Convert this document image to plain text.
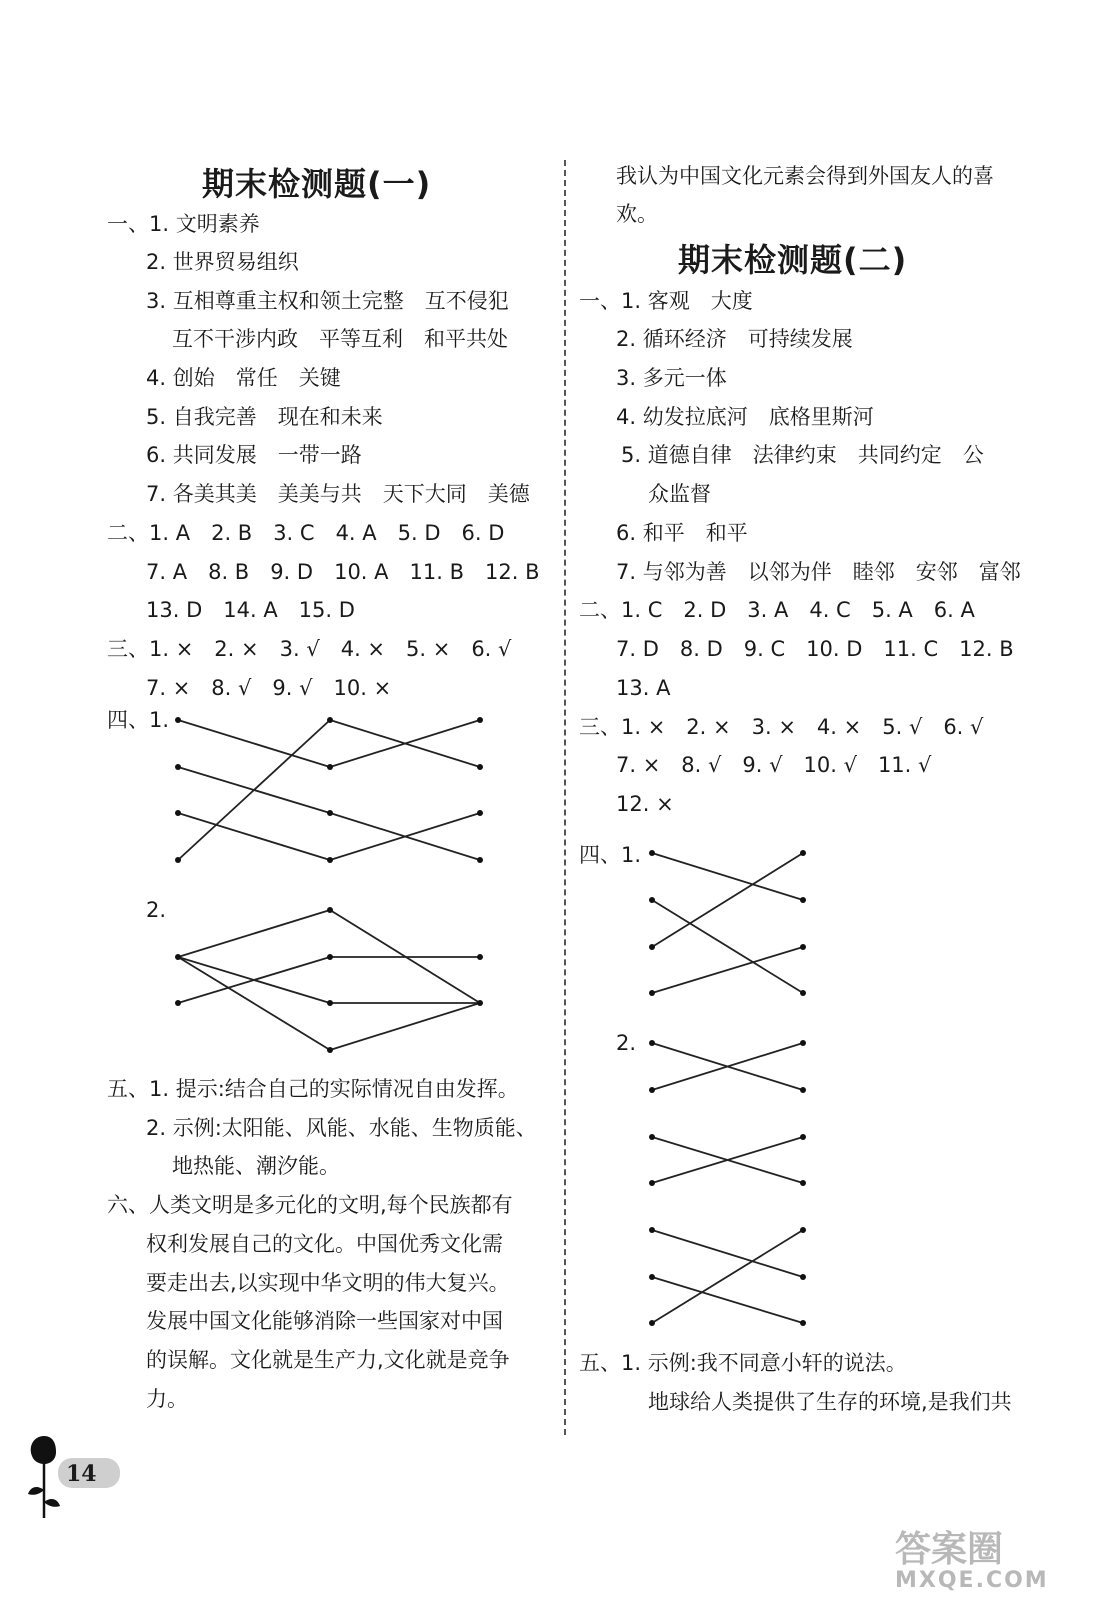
期末检测题(一)
期末检测题(二)
一、1. 文明素养
2. 世界贸易组织
3. 互相尊重主权和领土完整　互不侵犯
互不干涉内政　平等互利　和平共处
4. 创始　常任　关键
5. 自我完善　现在和未来
6. 共同发展　一带一路
7. 各美其美　美美与共　天下大同　美德
二、1. A　2. B　3. C　4. A　5. D　6. D
7. A　8. B　9. D　10. A　11. B　12. B
13. D　14. A　15. D
三、1. ×　2. ×　3. √　4. ×　5. ×　6. √
7. ×　8. √　9. √　10. ×
四、1.
2.
五、1. 提示:结合自己的实际情况自由发挥。
2. 示例:太阳能、风能、水能、生物质能、
地热能、潮汐能。
六、人类文明是多元化的文明,每个民族都有
权利发展自己的文化。中国优秀文化需
要走出去,以实现中华文明的伟大复兴。
发展中国文化能够消除一些国家对中国
的误解。文化就是生产力,文化就是竞争
力。
我认为中国文化元素会得到外国友人的喜
欢。
一、1. 客观　大度
2. 循环经济　可持续发展
3. 多元一体
4. 幼发拉底河　底格里斯河
5. 道德自律　法律约束　共同约定　公
众监督
6. 和平　和平
7. 与邻为善　以邻为伴　睦邻　安邻　富邻
二、1. C　2. D　3. A　4. C　5. A　6. A
7. D　8. D　9. C　10. D　11. C　12. B
13. A
三、1. ×　2. ×　3. ×　4. ×　5. √　6. √
7. ×　8. √　9. √　10. √　11. √
12. ×
四、1.
2.
五、1. 示例:我不同意小轩的说法。
地球给人类提供了生存的环境,是我们共
14
答案圈
MXQE.COM
